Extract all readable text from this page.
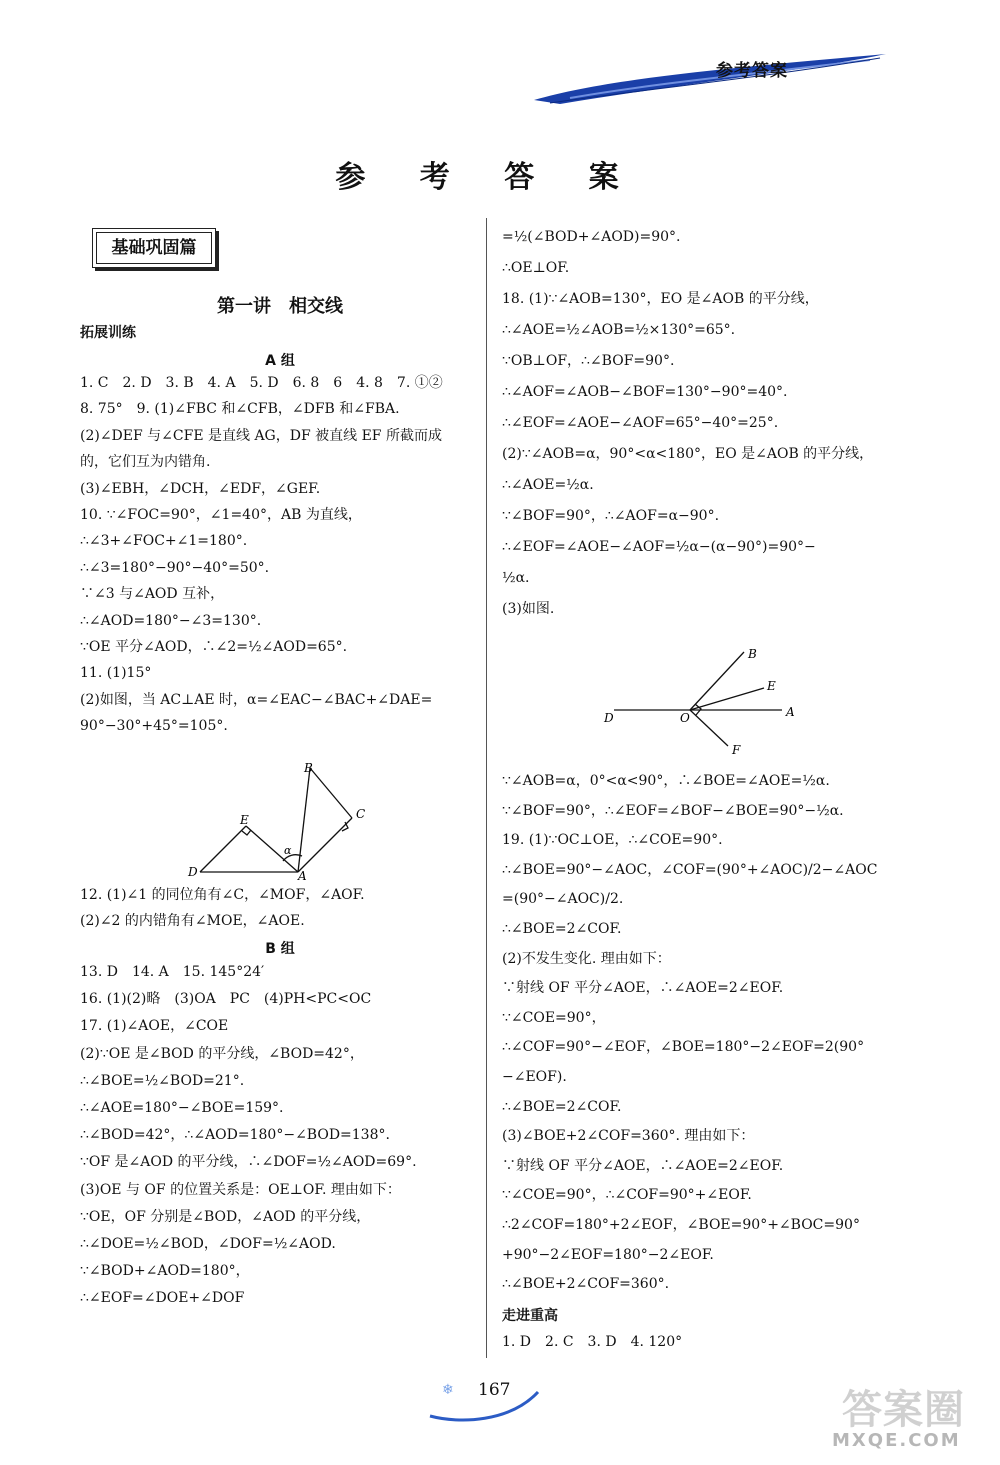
参考答案
参 考 答 案
基础巩固篇
第一讲　相交线
拓展训练
A 组
1. C　2. D　3. B　4. A　5. D　6. 8　6　4. 8　7. ①②
8. 75°　9. (1)∠FBC 和∠CFB，∠DFB 和∠FBA.
(2)∠DEF 与∠CFE 是直线 AG，DF 被直线 EF 所截而成
的，它们互为内错角.
(3)∠EBH，∠DCH，∠EDF，∠GEF.
10. ∵∠FOC=90°，∠1=40°，AB 为直线，
∴∠3+∠FOC+∠1=180°.
∴∠3=180°−90°−40°=50°.
∵∠3 与∠AOD 互补，
∴∠AOD=180°−∠3=130°.
∵OE 平分∠AOD，∴∠2=½∠AOD=65°.
11. (1)15°
(2)如图，当 AC⊥AE 时，α=∠EAC−∠BAC+∠DAE=
90°−30°+45°=105°.
B
C
E
D	A
α
12. (1)∠1 的同位角有∠C，∠MOF，∠AOF.
(2)∠2 的内错角有∠MOE，∠AOE.
B 组
13. D　14. A　15. 145°24′
16. (1)(2)略　(3)OA　PC　(4)PH<PC<OC
17. (1)∠AOE，∠COE
(2)∵OE 是∠BOD 的平分线，∠BOD=42°，
∴∠BOE=½∠BOD=21°.
∴∠AOE=180°−∠BOE=159°.
∴∠BOD=42°，∴∠AOD=180°−∠BOD=138°.
∵OF 是∠AOD 的平分线，∴∠DOF=½∠AOD=69°.
(3)OE 与 OF 的位置关系是：OE⊥OF. 理由如下：
∵OE，OF 分别是∠BOD，∠AOD 的平分线，
∴∠DOE=½∠BOD，∠DOF=½∠AOD.
∵∠BOD+∠AOD=180°，
∴∠EOF=∠DOE+∠DOF
=½(∠BOD+∠AOD)=90°.
∴OE⊥OF.
18. (1)∵∠AOB=130°，EO 是∠AOB 的平分线，
∴∠AOE=½∠AOB=½×130°=65°.
∵OB⊥OF，∴∠BOF=90°.
∴∠AOF=∠AOB−∠BOF=130°−90°=40°.
∴∠EOF=∠AOE−∠AOF=65°−40°=25°.
(2)∵∠AOB=α，90°<α<180°，EO 是∠AOB 的平分线，
∴∠AOE=½α.
∵∠BOF=90°，∴∠AOF=α−90°.
∴∠EOF=∠AOE−∠AOF=½α−(α−90°)=90°−
½α.
(3)如图.
B
E
D	O	A
F
∵∠AOB=α，0°<α<90°，∴∠BOE=∠AOE=½α.
∵∠BOF=90°，∴∠EOF=∠BOF−∠BOE=90°−½α.
19. (1)∵OC⊥OE，∴∠COE=90°.
∴∠BOE=90°−∠AOC，∠COF=(90°+∠AOC)/2−∠AOC
=(90°−∠AOC)/2.
∴∠BOE=2∠COF.
(2)不发生变化. 理由如下：
∵射线 OF 平分∠AOE，∴∠AOE=2∠EOF.
∵∠COE=90°，
∴∠COF=90°−∠EOF，∠BOE=180°−2∠EOF=2(90°
−∠EOF).
∴∠BOE=2∠COF.
(3)∠BOE+2∠COF=360°. 理由如下：
∵射线 OF 平分∠AOE，∴∠AOE=2∠EOF.
∵∠COE=90°，∴∠COF=90°+∠EOF.
∴2∠COF=180°+2∠EOF，∠BOE=90°+∠BOC=90°
+90°−2∠EOF=180°−2∠EOF.
∴∠BOE+2∠COF=360°.
走进重高
1. D　2. C　3. D　4. 120°
❄ 167	答案圈
MXQE.COM
